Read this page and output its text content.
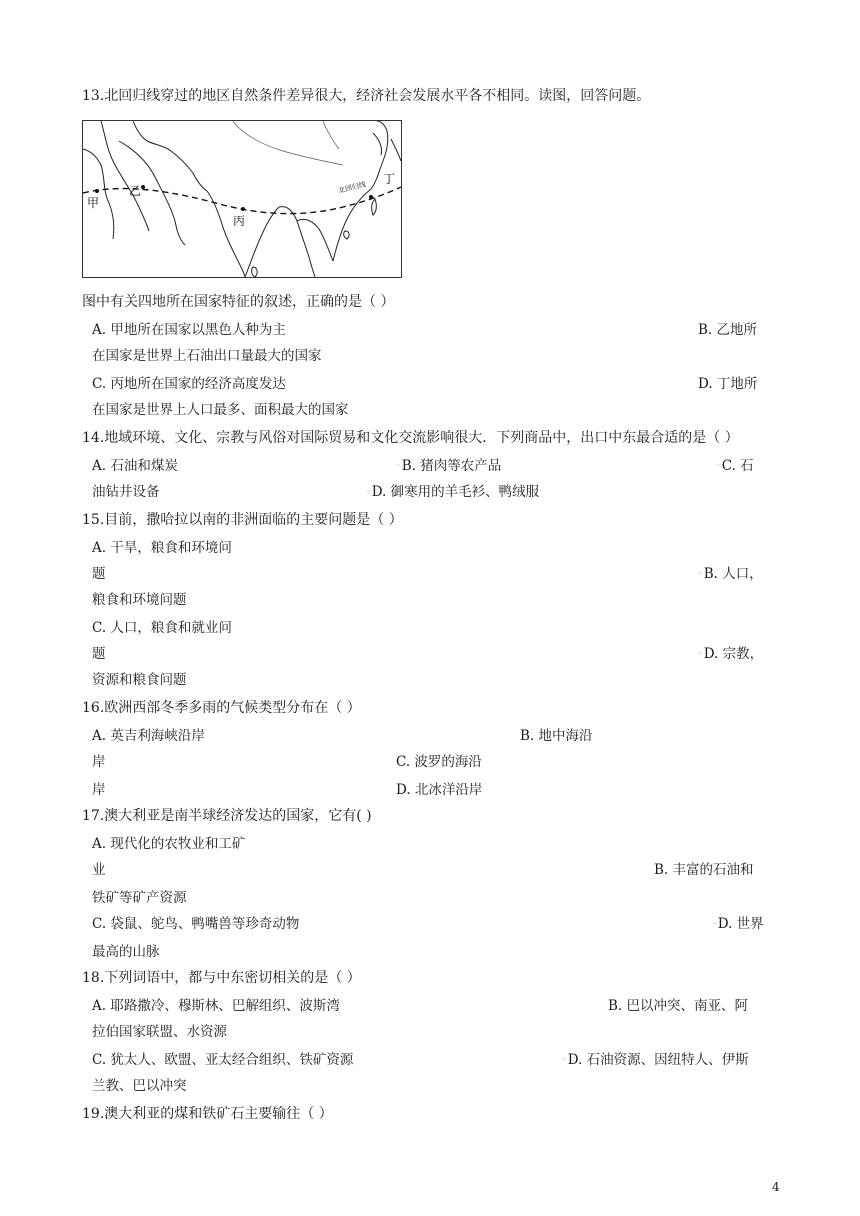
13.北回归线穿过的地区自然条件差异很大，经济社会发展水平各不相同。读图，回答问题。
甲
乙
丙
丁
北回归线
图中有关四地所在国家特征的叙述，正确的是（ ）
A. 甲地所在国家以黑色人种为主	B. 乙地所
在国家是世界上石油出口量最大的国家
C. 丙地所在国家的经济高度发达	D. 丁地所
在国家是世界上人口最多、面积最大的国家
14.地域环境、文化、宗教与风俗对国际贸易和文化交流影响很大．下列商品中，出口中东最合适的是（ ）
A. 石油和煤炭	◦B. 猪肉等农产品	◦C. 石
油钻井设备	◦D. 御寒用的羊毛衫、鸭绒服
15.目前，撒哈拉以南的非洲面临的主要问题是（ ）
A. 干旱，粮食和环境问
题	◦B. 人口，
粮食和环境问题
C. 人口，粮食和就业问
题	◦D. 宗教，
资源和粮食问题
16.欧洲西部冬季多雨的气候类型分布在（ ）
A. 英吉利海峡沿岸	B. 地中海沿
岸	C. 波罗的海沿
岸	D. 北冰洋沿岸
17.澳大利亚是南半球经济发达的国家，它有( )
A. 现代化的农牧业和工矿
业	B. 丰富的石油和
铁矿等矿产资源
C. 袋鼠、鸵鸟、鸭嘴兽等珍奇动物	◦D. 世界
最高的山脉
18.下列词语中，都与中东密切相关的是（ ）
A. 耶路撒冷、穆斯林、巴解组织、波斯湾	B. 巴以冲突、南亚、阿
拉伯国家联盟、水资源
C. 犹太人、欧盟、亚太经合组织、铁矿资源	◦D. 石油资源、因纽特人、伊斯
兰教、巴以冲突
19.澳大利亚的煤和铁矿石主要输往（ ）
4
